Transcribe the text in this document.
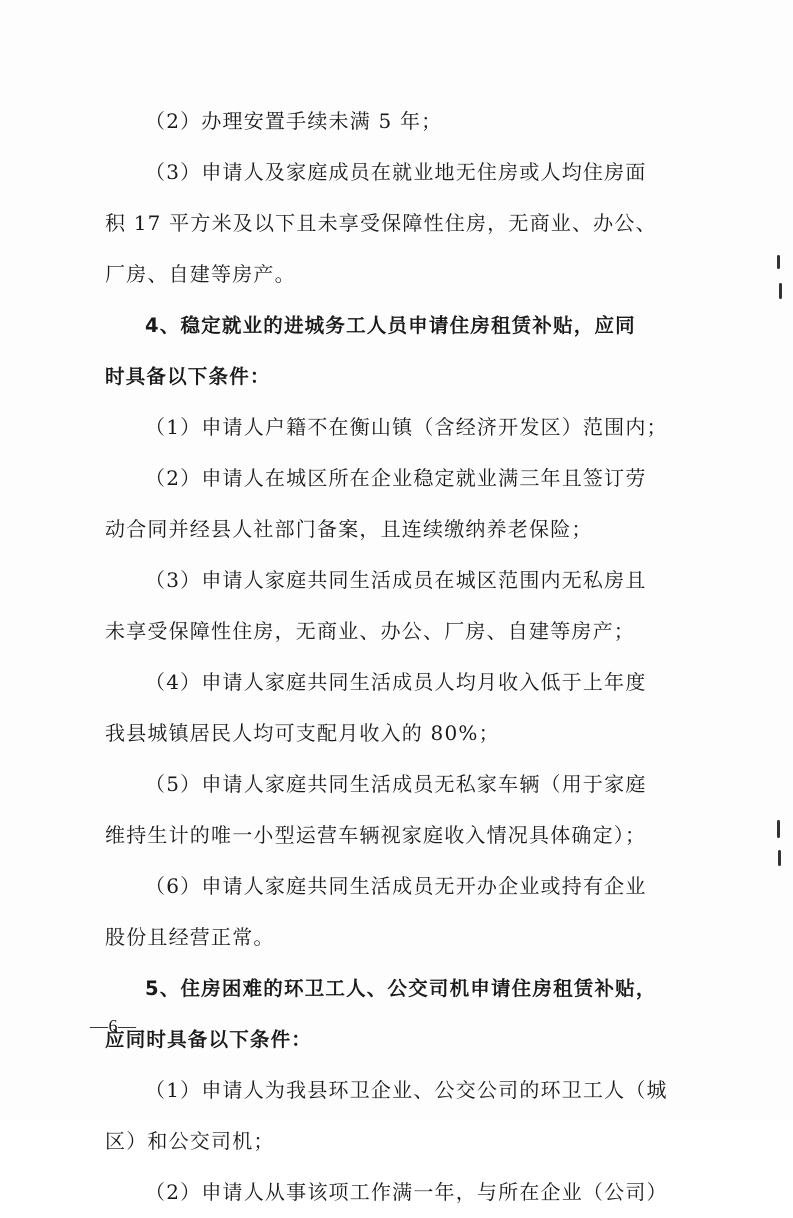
（2）办理安置手续未满 5 年；
（3）申请人及家庭成员在就业地无住房或人均住房面
积 17 平方米及以下且未享受保障性住房，无商业、办公、
厂房、自建等房产。
4、稳定就业的进城务工人员申请住房租赁补贴，应同
时具备以下条件：
（1）申请人户籍不在衡山镇（含经济开发区）范围内；
（2）申请人在城区所在企业稳定就业满三年且签订劳
动合同并经县人社部门备案，且连续缴纳养老保险；
（3）申请人家庭共同生活成员在城区范围内无私房且
未享受保障性住房，无商业、办公、厂房、自建等房产；
（4）申请人家庭共同生活成员人均月收入低于上年度
我县城镇居民人均可支配月收入的 80%；
（5）申请人家庭共同生活成员无私家车辆（用于家庭
维持生计的唯一小型运营车辆视家庭收入情况具体确定）；
（6）申请人家庭共同生活成员无开办企业或持有企业
股份且经营正常。
5、住房困难的环卫工人、公交司机申请住房租赁补贴，
应同时具备以下条件：
（1）申请人为我县环卫企业、公交公司的环卫工人（城
区）和公交司机；
（2）申请人从事该项工作满一年，与所在企业（公司）
—6—
